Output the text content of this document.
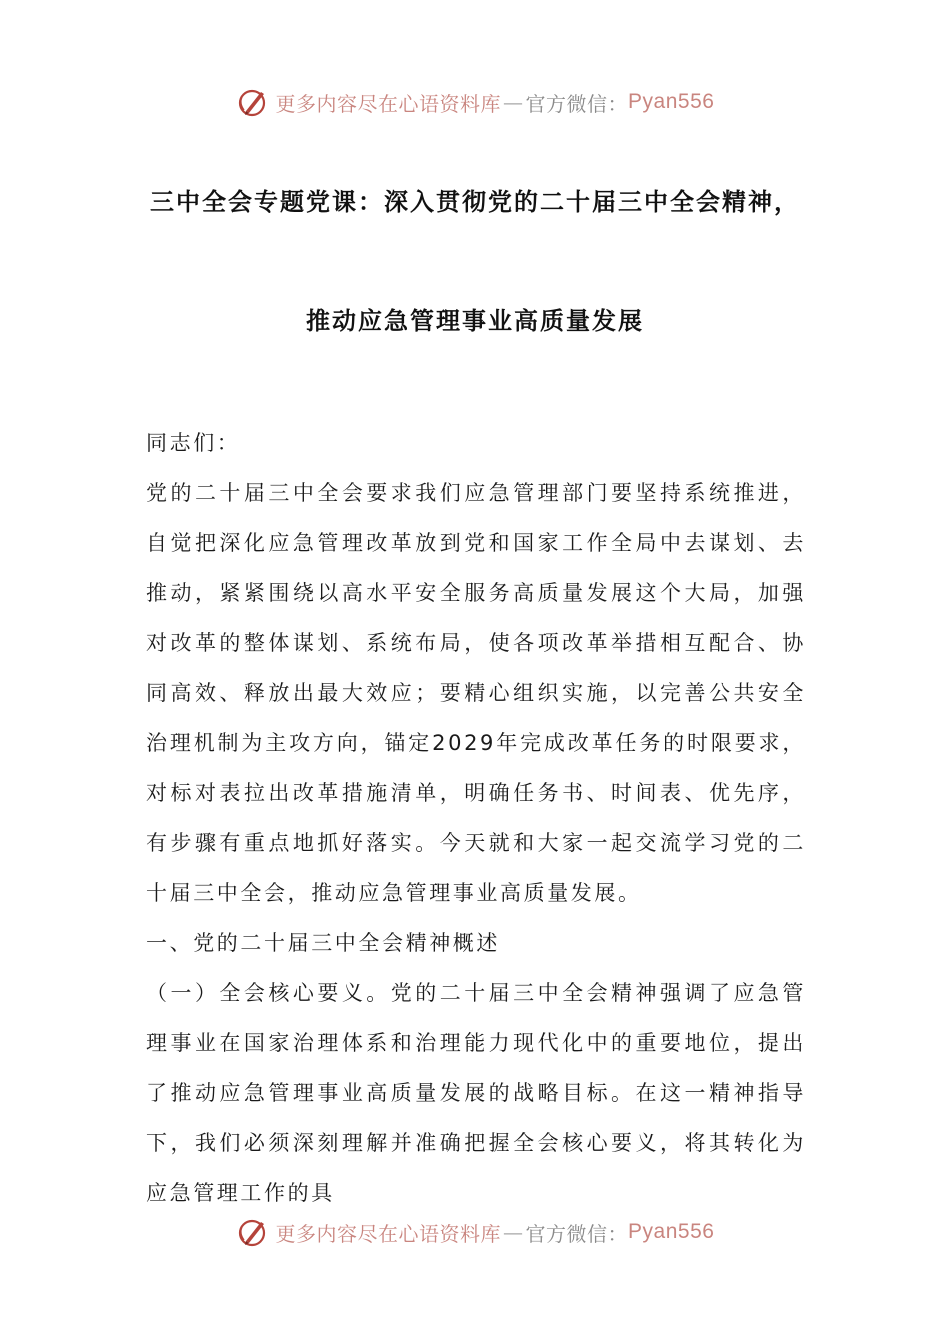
更多内容尽在心语资料库 — 官方微信： Pyan556
三中全会专题党课：深入贯彻党的二十届三中全会精神，
推动应急管理事业高质量发展

同志们：

党的二十届三中全会要求我们应急管理部门要坚持系统推进，自觉把深化应急管理改革放到党和国家工作全局中去谋划、去推动，紧紧围绕以高水平安全服务高质量发展这个大局，加强对改革的整体谋划、系统布局，使各项改革举措相互配合、协同高效、释放出最大效应；要精心组织实施，以完善公共安全治理机制为主攻方向，锚定2029年完成改革任务的时限要求，对标对表拉出改革措施清单，明确任务书、时间表、优先序，有步骤有重点地抓好落实。今天就和大家一起交流学习党的二十届三中全会，推动应急管理事业高质量发展。

一、党的二十届三中全会精神概述

（一）全会核心要义。党的二十届三中全会精神强调了应急管理事业在国家治理体系和治理能力现代化中的重要地位，提出了推动应急管理事业高质量发展的战略目标。在这一精神指导下，我们必须深刻理解并准确把握全会核心要义，将其转化为应急管理工作的具

更多内容尽在心语资料库 — 官方微信： Pyan556
